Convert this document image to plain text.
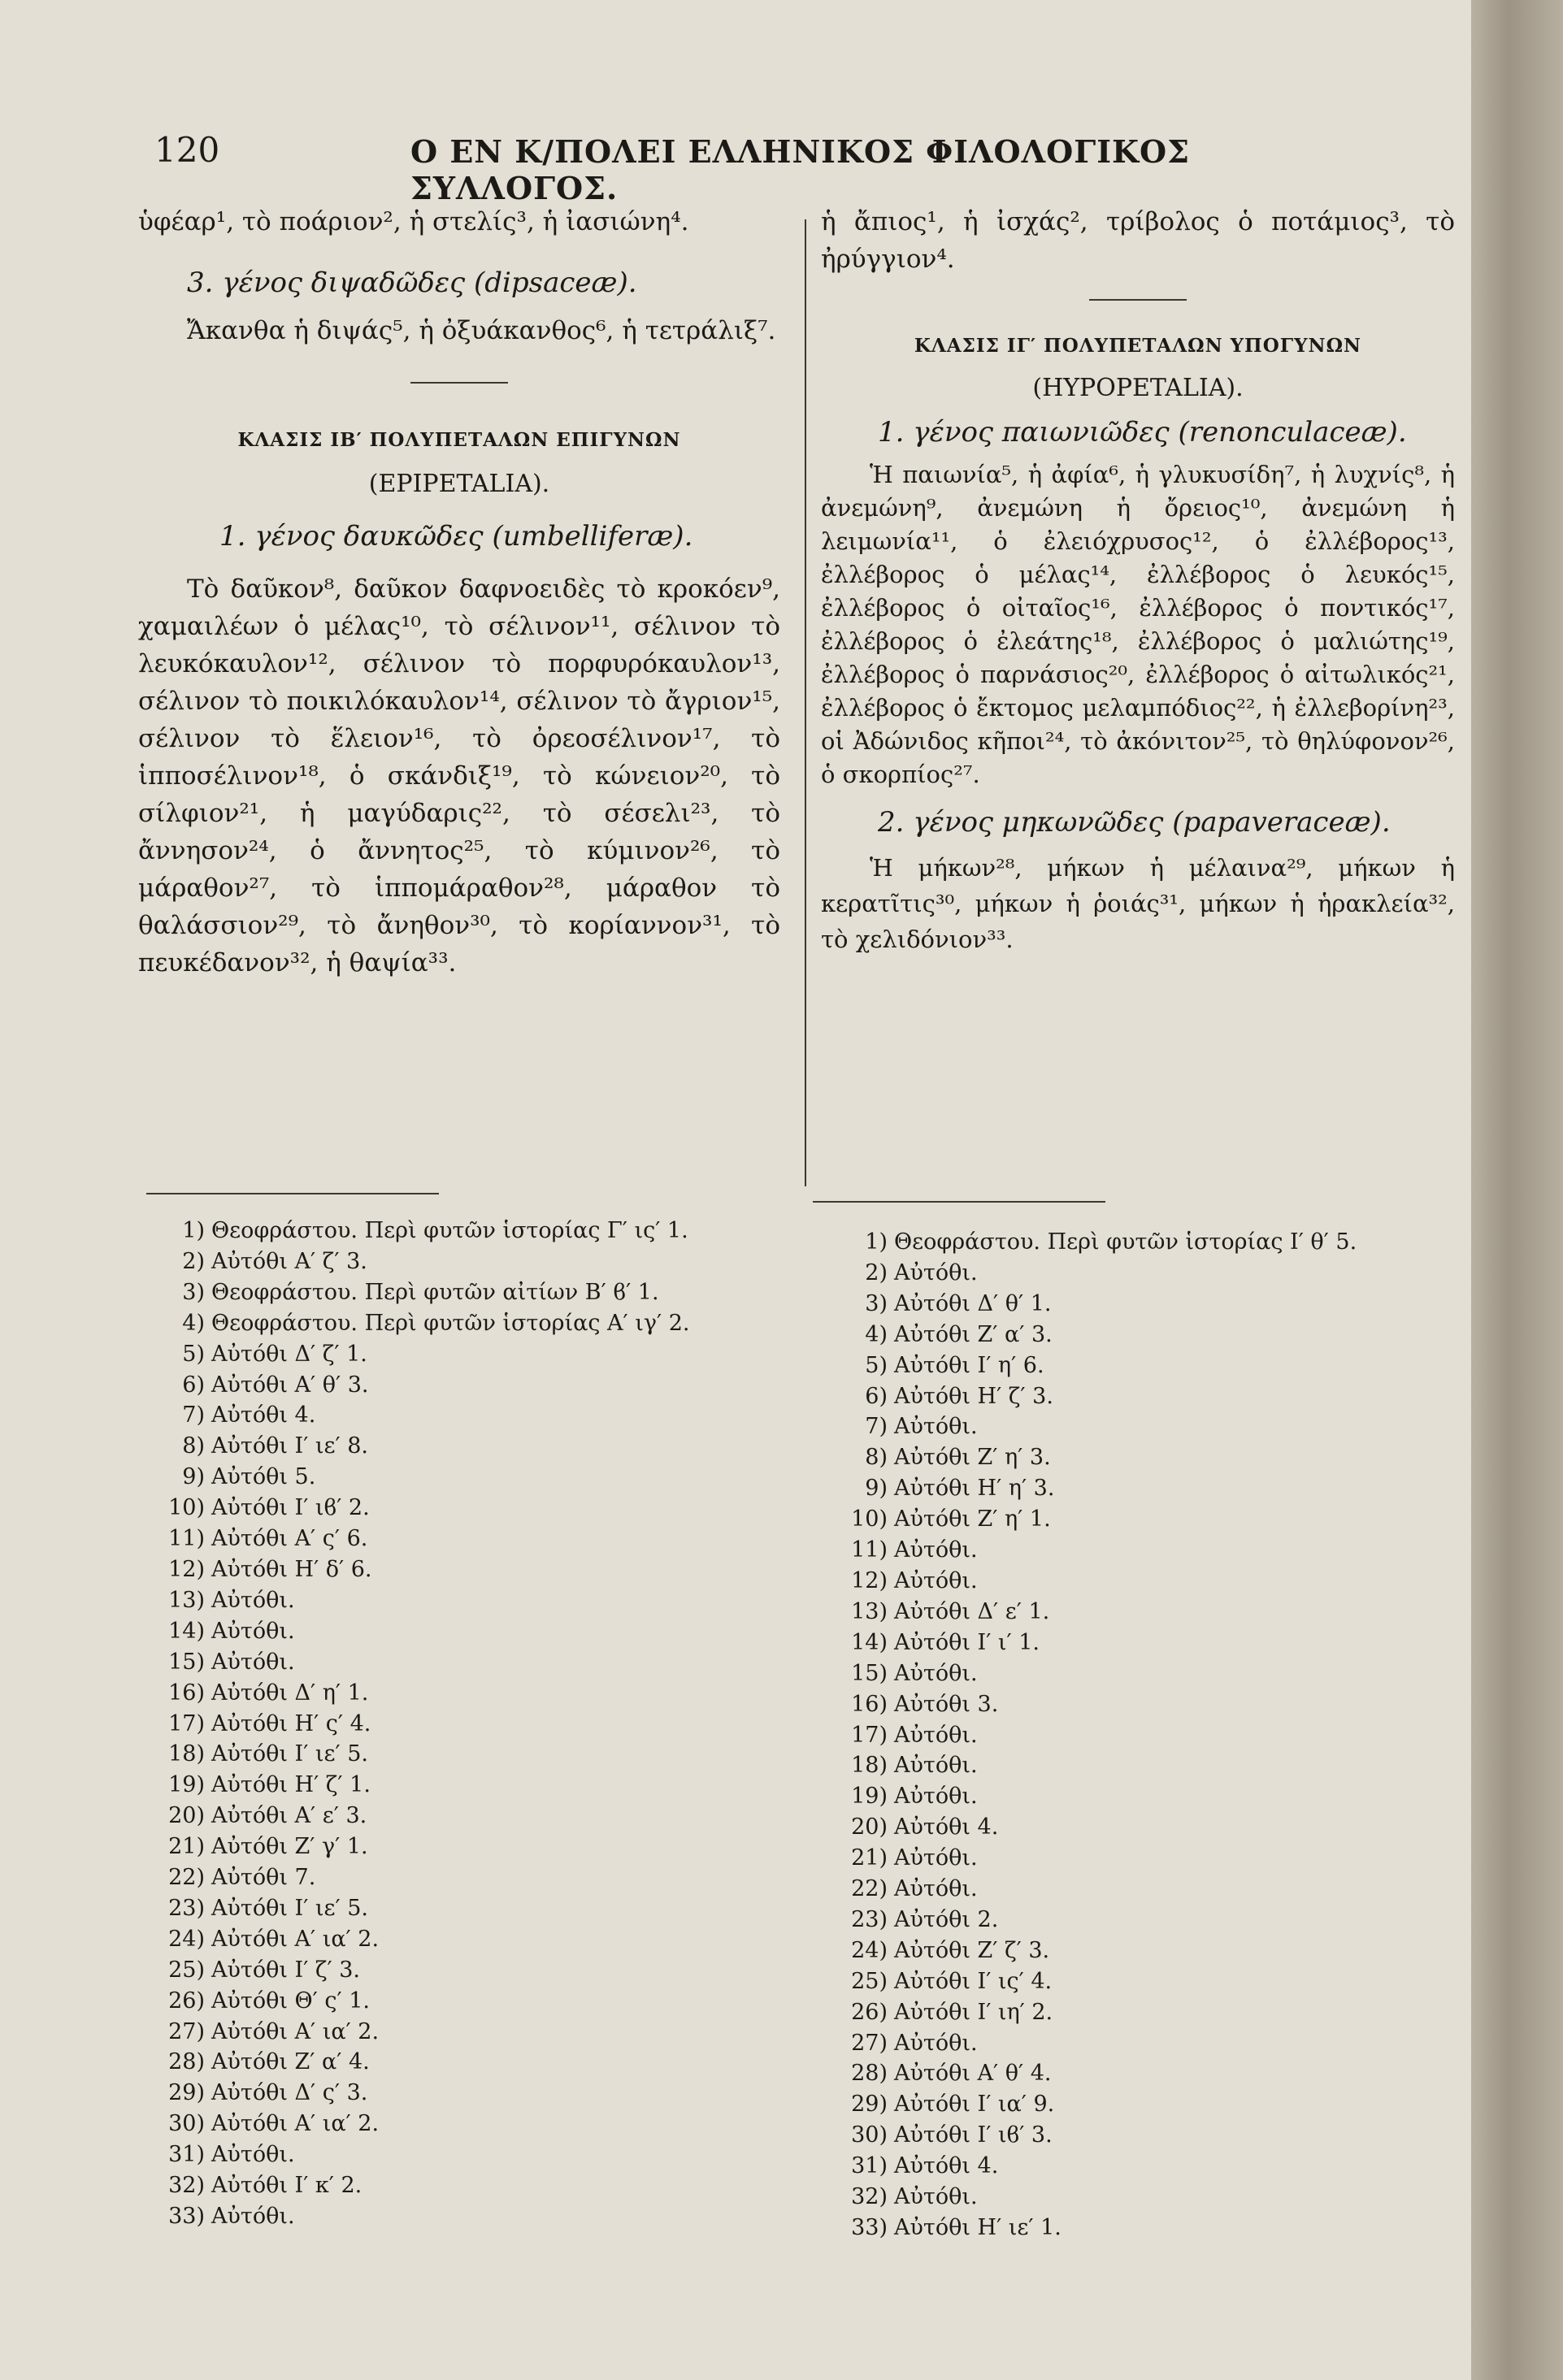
120	Ο ΕΝ Κ/ΠΟΛΕΙ ΕΛΛΗΝΙΚΟΣ ΦΙΛΟΛΟΓΙΚΟΣ ΣΥΛΛΟΓΟΣ.

ὑφέαρ¹, τὸ ποάριον², ἡ στελίς³, ἡ ἰασιώνη⁴.

3. γένος διψαδῶδες (dipsaceæ).

Ἄκανθα ἡ διψάς⁵, ἡ ὀξυάκανθος⁶, ἡ τετράλιξ⁷.

ΚΛΑΣΙΣ ΙΒ′ ΠΟΛΥΠΕΤΑΛΩΝ ΕΠΙΓΥΝΩΝ
(EPIPETALIA).

1. γένος δαυκῶδες (umbelliferæ).

Τὸ δαῦκον⁸, δαῦκον δαφνοειδὲς τὸ κροκόεν⁹, χαμαιλέων ὁ μέλας¹⁰, τὸ σέλινον¹¹, σέλινον τὸ λευκόκαυλον¹², σέλινον τὸ πορφυρόκαυλον¹³, σέλινον τὸ ποικιλόκαυλον¹⁴, σέλινον τὸ ἄγριον¹⁵, σέλινον τὸ ἕλειον¹⁶, τὸ ὀρεοσέλινον¹⁷, τὸ ἱπποσέλινον¹⁸, ὁ σκάνδιξ¹⁹, τὸ κώνειον²⁰, τὸ σίλφιον²¹, ἡ μαγύδαρις²², τὸ σέσελι²³, τὸ ἄννησον²⁴, ὁ ἄννητος²⁵, τὸ κύμινον²⁶, τὸ μάραθον²⁷, τὸ ἱππομάραθον²⁸, μάραθον τὸ θαλάσσιον²⁹, τὸ ἄνηθον³⁰, τὸ κορίαννον³¹, τὸ πευκέδανον³², ἡ θαψία³³.

ἡ ἄπιος¹, ἡ ἰσχάς², τρίβολος ὁ ποτάμιος³, τὸ ἠρύγγιον⁴.

ΚΛΑΣΙΣ ΙΓ′ ΠΟΛΥΠΕΤΑΛΩΝ ΥΠΟΓΥΝΩΝ
(HYPOPETALIA).

1. γένος παιωνιῶδες (renonculaceæ).

Ἡ παιωνία⁵, ἡ ἀφία⁶, ἡ γλυκυσίδη⁷, ἡ λυχνίς⁸, ἡ ἀνεμώνη⁹, ἀνεμώνη ἡ ὄρειος¹⁰, ἀνεμώνη ἡ λειμωνία¹¹, ὁ ἐλειόχρυσος¹², ὁ ἐλλέβορος¹³, ἐλλέβορος ὁ μέλας¹⁴, ἐλλέβορος ὁ λευκός¹⁵, ἐλλέβορος ὁ οἰταῖος¹⁶, ἐλλέβορος ὁ ποντικός¹⁷, ἐλλέβορος ὁ ἐλεάτης¹⁸, ἐλλέβορος ὁ μαλιώτης¹⁹, ἐλλέβορος ὁ παρνάσιος²⁰, ἐλλέβορος ὁ αἰτωλικός²¹, ἐλλέβορος ὁ ἔκτομος μελαμπόδιος²², ἡ ἐλλεβορίνη²³, οἱ Ἀδώνιδος κῆποι²⁴, τὸ ἀκόνιτον²⁵, τὸ θηλύφονον²⁶, ὁ σκορπίος²⁷.

2. γένος μηκωνῶδες (papaveraceæ).

Ἡ μήκων²⁸, μήκων ἡ μέλαινα²⁹, μήκων ἡ κερατῖτις³⁰, μήκων ἡ ῥοιάς³¹, μήκων ἡ ἡρακλεία³², τὸ χελιδόνιον³³.

1) Θεοφράστου. Περὶ φυτῶν ἱστορίας Γ′ ις′ 1.
2) Αὐτόθι Α′ ζ′ 3.
3) Θεοφράστου. Περὶ φυτῶν αἰτίων Β′ ϐ′ 1.
4) Θεοφράστου. Περὶ φυτῶν ἱστορίας Α′ ιγ′ 2.
5) Αὐτόθι Δ′ ζ′ 1.
6) Αὐτόθι Α′ θ′ 3.
7) Αὐτόθι 4.
8) Αὐτόθι Ι′ ιε′ 8.
9) Αὐτόθι 5.
10) Αὐτόθι Ι′ ιϐ′ 2.
11) Αὐτόθι Α′ ς′ 6.
12) Αὐτόθι Η′ δ′ 6.
13) Αὐτόθι.
14) Αὐτόθι.
15) Αὐτόθι.
16) Αὐτόθι Δ′ η′ 1.
17) Αὐτόθι Η′ ς′ 4.
18) Αὐτόθι Ι′ ιε′ 5.
19) Αὐτόθι Η′ ζ′ 1.
20) Αὐτόθι Α′ ε′ 3.
21) Αὐτόθι Ζ′ γ′ 1.
22) Αὐτόθι 7.
23) Αὐτόθι Ι′ ιε′ 5.
24) Αὐτόθι Α′ ια′ 2.
25) Αὐτόθι Ι′ ζ′ 3.
26) Αὐτόθι Θ′ ς′ 1.
27) Αὐτόθι Α′ ια′ 2.
28) Αὐτόθι Ζ′ α′ 4.
29) Αὐτόθι Δ′ ς′ 3.
30) Αὐτόθι Α′ ια′ 2.
31) Αὐτόθι.
32) Αὐτόθι Ι′ κ′ 2.
33) Αὐτόθι.
1) Θεοφράστου. Περὶ φυτῶν ἱστορίας Ι′ θ′ 5.
2) Αὐτόθι.
3) Αὐτόθι Δ′ θ′ 1.
4) Αὐτόθι Ζ′ α′ 3.
5) Αὐτόθι Ι′ η′ 6.
6) Αὐτόθι Η′ ζ′ 3.
7) Αὐτόθι.
8) Αὐτόθι Ζ′ η′ 3.
9) Αὐτόθι Η′ η′ 3.
10) Αὐτόθι Ζ′ η′ 1.
11) Αὐτόθι.
12) Αὐτόθι.
13) Αὐτόθι Δ′ ε′ 1.
14) Αὐτόθι Ι′ ι′ 1.
15) Αὐτόθι.
16) Αὐτόθι 3.
17) Αὐτόθι.
18) Αὐτόθι.
19) Αὐτόθι.
20) Αὐτόθι 4.
21) Αὐτόθι.
22) Αὐτόθι.
23) Αὐτόθι 2.
24) Αὐτόθι Ζ′ ζ′ 3.
25) Αὐτόθι Ι′ ις′ 4.
26) Αὐτόθι Ι′ ιη′ 2.
27) Αὐτόθι.
28) Αὐτόθι Α′ θ′ 4.
29) Αὐτόθι Ι′ ια′ 9.
30) Αὐτόθι Ι′ ιϐ′ 3.
31) Αὐτόθι 4.
32) Αὐτόθι.
33) Αὐτόθι Η′ ιε′ 1.
